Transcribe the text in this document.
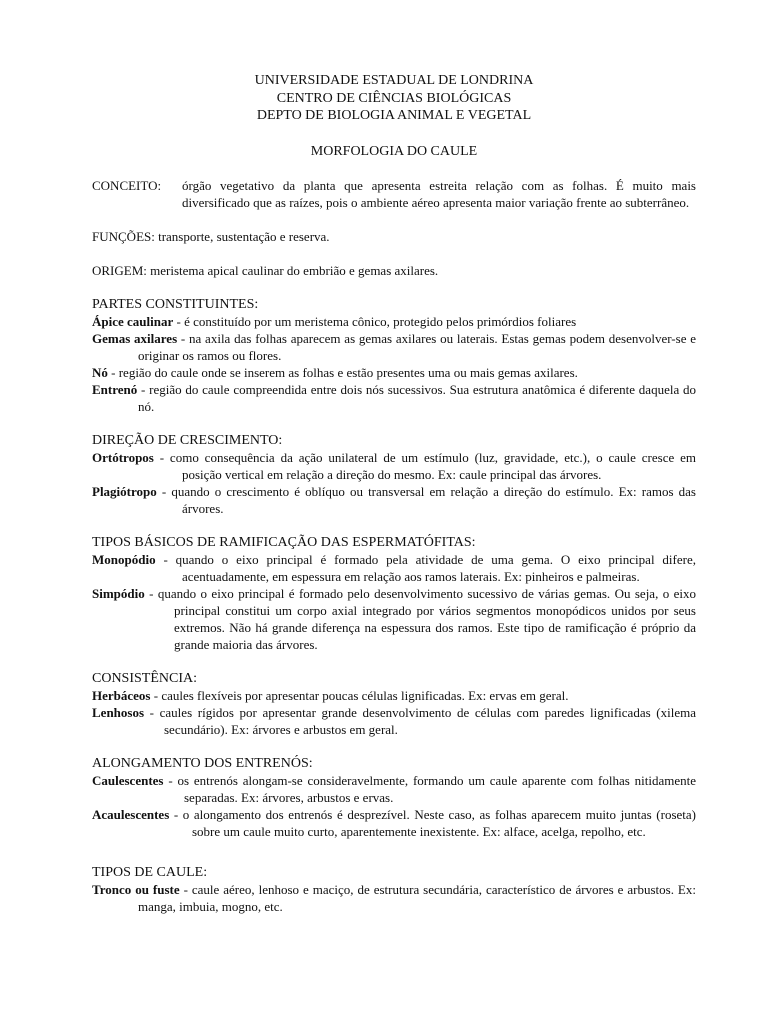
UNIVERSIDADE ESTADUAL DE LONDRINA
CENTRO DE CIÊNCIAS BIOLÓGICAS
DEPTO DE BIOLOGIA ANIMAL E VEGETAL
MORFOLOGIA DO CAULE
CONCEITO: órgão vegetativo da planta que apresenta estreita relação com as folhas. É muito mais diversificado que as raízes, pois o ambiente aéreo apresenta maior variação frente ao subterrâneo.
FUNÇÕES: transporte, sustentação e reserva.
ORIGEM: meristema apical caulinar do embrião e gemas axilares.
PARTES CONSTITUINTES:
Ápice caulinar - é constituído por um meristema cônico, protegido pelos primórdios foliares
Gemas axilares - na axila das folhas aparecem as gemas axilares ou laterais. Estas gemas podem desenvolver-se e originar os ramos ou flores.
Nó - região do caule onde se inserem as folhas e estão presentes uma ou mais gemas axilares.
Entrenó - região do caule compreendida entre dois nós sucessivos. Sua estrutura anatômica é diferente daquela do nó.
DIREÇÃO DE CRESCIMENTO:
Ortótropos - como consequência da ação unilateral de um estímulo (luz, gravidade, etc.), o caule cresce em posição vertical em relação a direção do mesmo. Ex: caule principal das árvores.
Plagiótropo - quando o crescimento é oblíquo ou transversal em relação a direção do estímulo. Ex: ramos das árvores.
TIPOS BÁSICOS DE RAMIFICAÇÃO DAS ESPERMATÓFITAS:
Monopódio - quando o eixo principal é formado pela atividade de uma gema. O eixo principal difere, acentuadamente, em espessura em relação aos ramos laterais. Ex: pinheiros e palmeiras.
Simpódio - quando o eixo principal é formado pelo desenvolvimento sucessivo de várias gemas. Ou seja, o eixo principal constitui um corpo axial integrado por vários segmentos monopódicos unidos por seus extremos. Não há grande diferença na espessura dos ramos. Este tipo de ramificação é próprio da grande maioria das árvores.
CONSISTÊNCIA:
Herbáceos - caules flexíveis por apresentar poucas células lignificadas. Ex: ervas em geral.
Lenhosos - caules rígidos por apresentar grande desenvolvimento de células com paredes lignificadas (xilema secundário). Ex: árvores e arbustos em geral.
ALONGAMENTO DOS ENTRENÓS:
Caulescentes - os entrenós alongam-se consideravelmente, formando um caule aparente com folhas nitidamente separadas. Ex: árvores, arbustos e ervas.
Acaulescentes - o alongamento dos entrenós é desprezível. Neste caso, as folhas aparecem muito juntas (roseta) sobre um caule muito curto, aparentemente inexistente. Ex: alface, acelga, repolho, etc.
TIPOS DE CAULE:
Tronco ou fuste - caule aéreo, lenhoso e maciço, de estrutura secundária, característico de árvores e arbustos. Ex: manga, imbuia, mogno, etc.
